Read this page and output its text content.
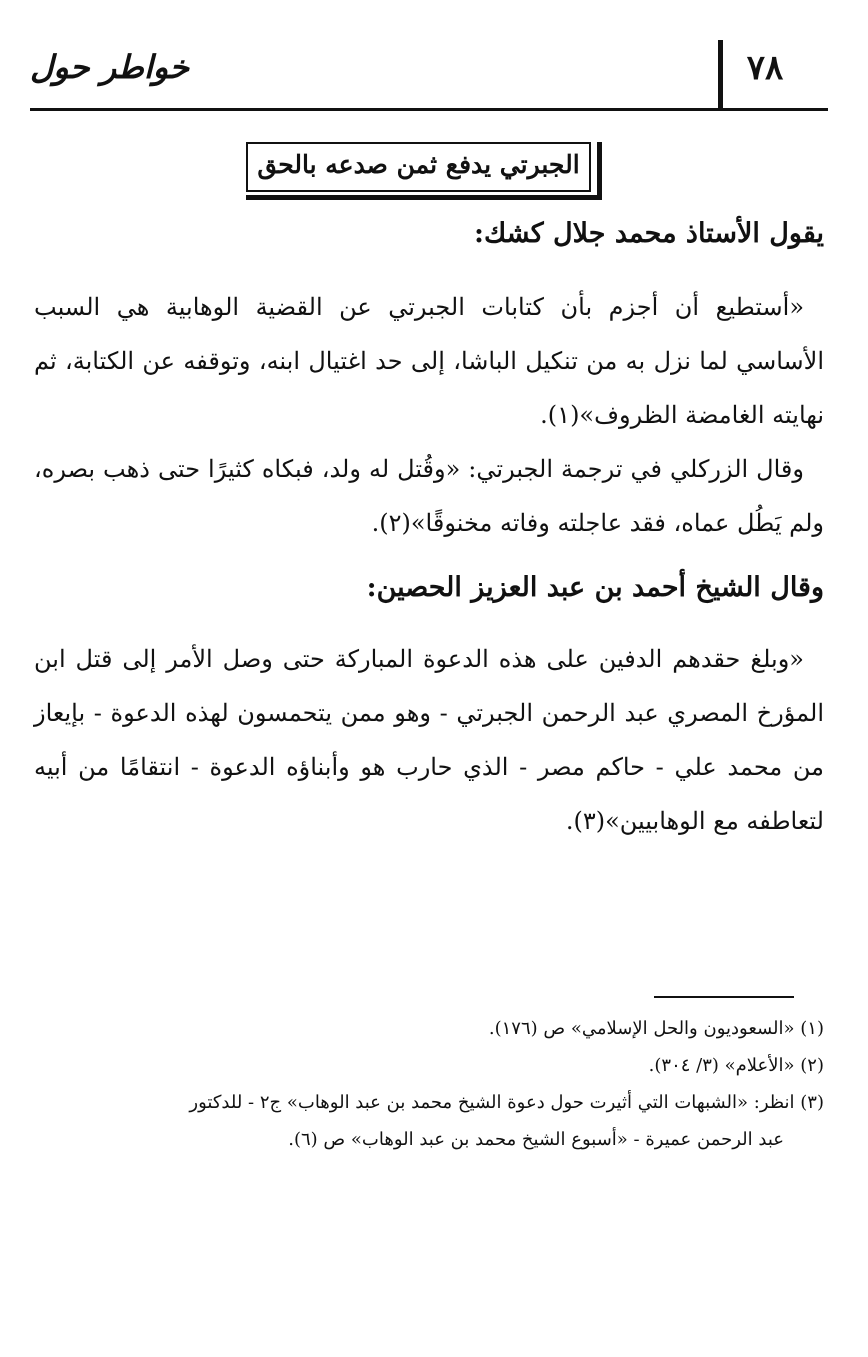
٧٨
خواطر حول
الجبرتي يدفع ثمن صدعه بالحق
يقول الأستاذ محمد جلال كشك:

«أستطيع أن أجزم بأن كتابات الجبرتي عن القضية الوهابية هي السبب الأساسي لما نزل به من تنكيل الباشا، إلى حد اغتيال ابنه، وتوقفه عن الكتابة، ثم نهايته الغامضة الظروف»(١).

وقال الزركلي في ترجمة الجبرتي: «وقُتل له ولد، فبكاه كثيرًا حتى ذهب بصره، ولم يَطُل عماه، فقد عاجلته وفاته مخنوقًا»(٢).

وقال الشيخ أحمد بن عبد العزيز الحصين:

«وبلغ حقدهم الدفين على هذه الدعوة المباركة حتى وصل الأمر إلى قتل ابن المؤرخ المصري عبد الرحمن الجبرتي - وهو ممن يتحمسون لهذه الدعوة - بإيعاز من محمد علي - حاكم مصر - الذي حارب هو وأبناؤه الدعوة - انتقامًا من أبيه لتعاطفه مع الوهابيين»(٣).

(١) «السعوديون والحل الإسلامي» ص (١٧٦).

(٢) «الأعلام» (٣/ ٣٠٤).

(٣) انظر: «الشبهات التي أثيرت حول دعوة الشيخ محمد بن عبد الوهاب» ج٢ - للدكتور

عبد الرحمن عميرة - «أسبوع الشيخ محمد بن عبد الوهاب» ص (٦).
